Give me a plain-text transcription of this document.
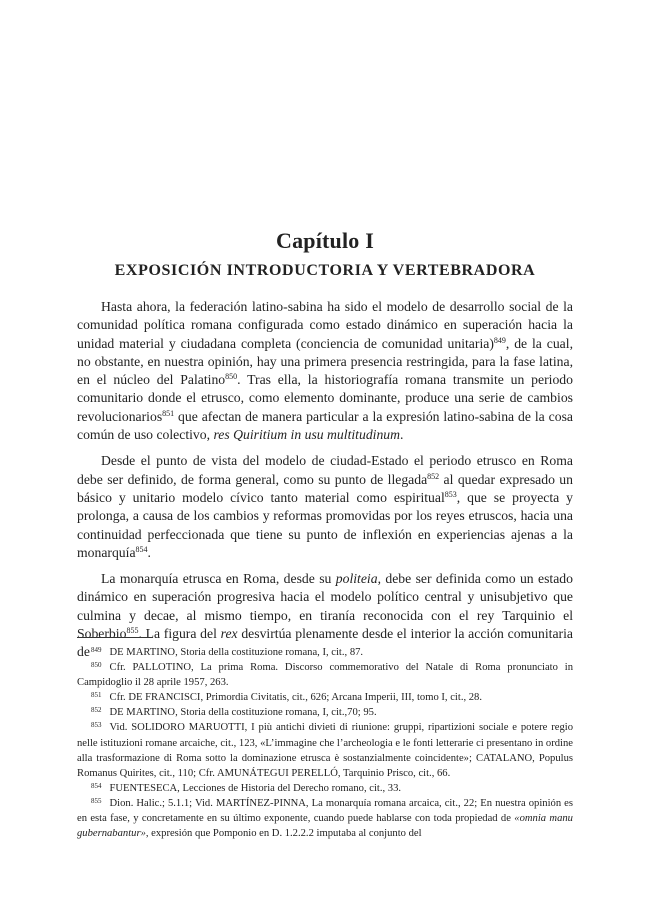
Capítulo I
EXPOSICIÓN INTRODUCTORIA Y VERTEBRADORA

Hasta ahora, la federación latino-sabina ha sido el modelo de desarrollo social de la comunidad política romana configurada como estado dinámico en superación hacia la unidad material y ciudadana completa (conciencia de comunidad unitaria)$^{849}$, de la cual, no obstante, en nuestra opinión, hay una primera presencia restringida, para la fase latina, en el núcleo del Palatino$^{850}$. Tras ella, la historiografía romana transmite un periodo comunitario donde el etrusco, como elemento dominante, produce una serie de cambios revolucionarios$^{851}$ que afectan de manera particular a la expresión latino-sabina de la cosa común de uso colectivo, res Quiritium in usu multitudinum.

Desde el punto de vista del modelo de ciudad-Estado el periodo etrusco en Roma debe ser definido, de forma general, como su punto de llegada$^{852}$ al quedar expresado un básico y unitario modelo cívico tanto material como espiritual$^{853}$, que se proyecta y prolonga, a causa de los cambios y reformas promovidas por los reyes etruscos, hacia una continuidad perfeccionada que tiene su punto de inflexión en experiencias ajenas a la monarquía$^{854}$.

La monarquía etrusca en Roma, desde su politeia, debe ser definida como un estado dinámico en superación progresiva hacia el modelo político central y unisubjetivo que culmina y decae, al mismo tiempo, en tiranía reconocida con el rey Tarquinio el Soberbio$^{855}$. La figura del rex desvirtúa plenamente desde el interior la acción comunitaria de $^{849}$ DE MARTINO, Storia della costituzione romana, I, cit., 87.

$^{850}$ Cfr. PALLOTINO, La prima Roma. Discorso commemorativo del Natale di Roma pronunciato in Campidoglio il 28 aprile 1957, 263.

$^{851}$ Cfr. DE FRANCISCI, Primordia Civitatis, cit., 626; Arcana Imperii, III, tomo I, cit., 28.

$^{852}$ DE MARTINO, Storia della costituzione romana, I, cit.,70; 95.

$^{853}$ Vid. SOLIDORO MARUOTTI, I più antichi divieti di riunione: gruppi, ripartizioni sociale e potere regio nelle istituzioni romane arcaiche, cit., 123, «L’immagine che l’archeologia e le fonti letterarie ci presentano in ordine alla trasformazione di Roma sotto la dominazione etrusca è sostanzialmente coincidente»; CATALANO, Populus Romanus Quirites, cit., 110; Cfr. AMUNÁTEGUI PERELLÓ, Tarquinio Prisco, cit., 66.

$^{854}$ FUENTESECA, Lecciones de Historia del Derecho romano, cit., 33.

$^{855}$ Dion. Halic.; 5.1.1; Vid. MARTÍNEZ-PINNA, La monarquía romana arcaica, cit., 22; En nuestra opinión es en esta fase, y concretamente en su último exponente, cuando puede hablarse con toda propiedad de «omnia manu gubernabantur», expresión que Pomponio en D. 1.2.2.2 imputaba al conjunto del
